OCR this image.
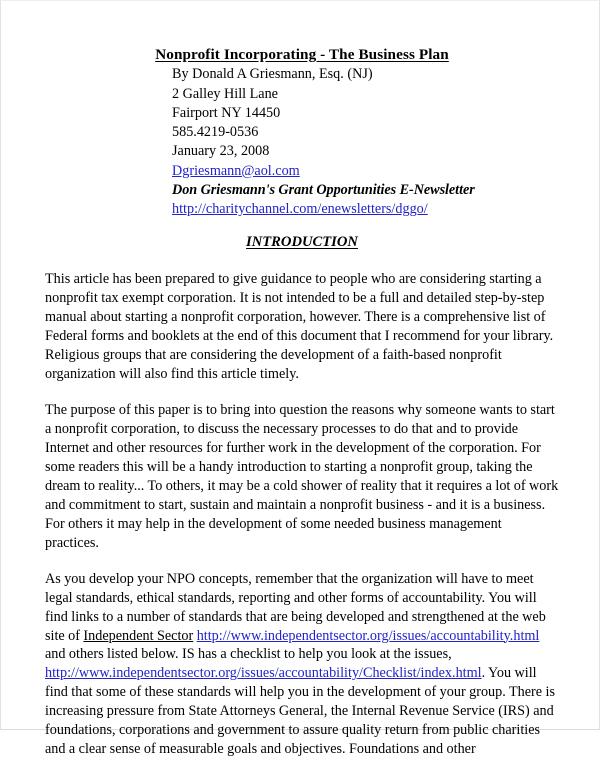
Nonprofit Incorporating - The Business Plan
By Donald A Griesmann, Esq. (NJ)
2 Galley Hill Lane
Fairport NY 14450
585.4219-0536
January 23, 2008
Dgriesmann@aol.com
Don Griesmann's Grant Opportunities E-Newsletter
http://charitychannel.com/enewsletters/dggo/
INTRODUCTION

This article has been prepared to give guidance to people who are considering starting a nonprofit tax exempt corporation. It is not intended to be a full and detailed step-by-step manual about starting a nonprofit corporation, however. There is a comprehensive list of Federal forms and booklets at the end of this document that I recommend for your library. Religious groups that are considering the development of a faith-based nonprofit organization will also find this article timely.

The purpose of this paper is to bring into question the reasons why someone wants to start a nonprofit corporation, to discuss the necessary processes to do that and to provide Internet and other resources for further work in the development of the corporation. For some readers this will be a handy introduction to starting a nonprofit group, taking the dream to reality... To others, it may be a cold shower of reality that it requires a lot of work and commitment to start, sustain and maintain a nonprofit business - and it is a business. For others it may help in the development of some needed business management practices.

As you develop your NPO concepts, remember that the organization will have to meet legal standards, ethical standards, reporting and other forms of accountability. You will find links to a number of standards that are being developed and strengthened at the web site of Independent Sector http://www.independentsector.org/issues/accountability.html and others listed below. IS has a checklist to help you look at the issues, http://www.independentsector.org/issues/accountability/Checklist/index.html. You will find that some of these standards will help you in the development of your group. There is increasing pressure from State Attorneys General, the Internal Revenue Service (IRS) and foundations, corporations and government to assure quality return from public charities and a clear sense of measurable goals and objectives. Foundations and other
